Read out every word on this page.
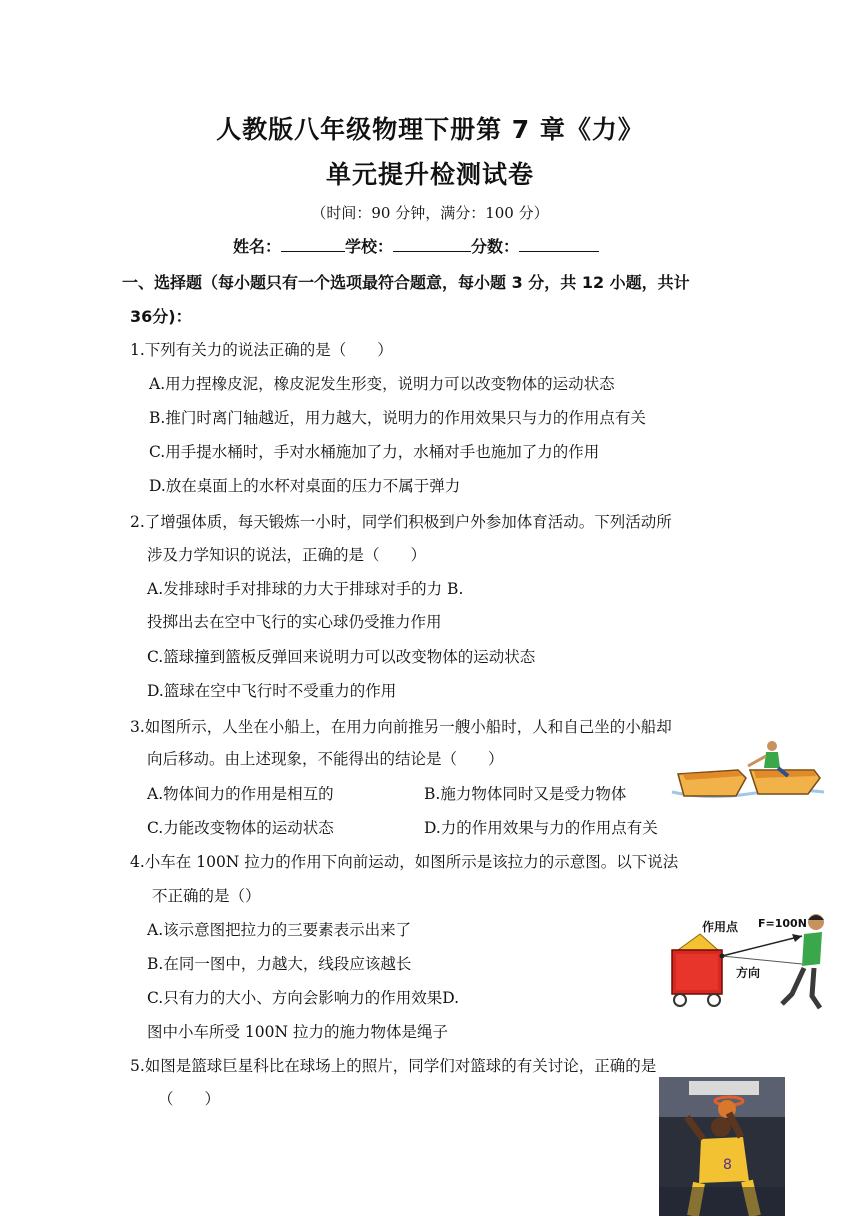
人教版八年级物理下册第 7 章《力》
单元提升检测试卷
（时间：90 分钟，满分：100 分）
姓名：	学校：	分数：
一、选择题（每小题只有一个选项最符合题意，每小题 3 分，共 12 小题，共计
36分)：
1.下列有关力的说法正确的是（　　）
A.用力捏橡皮泥，橡皮泥发生形变，说明力可以改变物体的运动状态
B.推门时离门轴越近，用力越大，说明力的作用效果只与力的作用点有关
C.用手提水桶时，手对水桶施加了力，水桶对手也施加了力的作用
D.放在桌面上的水杯对桌面的压力不属于弹力
2.了增强体质，每天锻炼一小时，同学们积极到户外参加体育活动。下列活动所
涉及力学知识的说法，正确的是（　　）
A.发排球时手对排球的力大于排球对手的力 B.
投掷出去在空中飞行的实心球仍受推力作用
C.篮球撞到篮板反弹回来说明力可以改变物体的运动状态
D.篮球在空中飞行时不受重力的作用
3.如图所示，人坐在小船上，在用力向前推另一艘小船时，人和自己坐的小船却
向后移动。由上述现象，不能得出的结论是（　　）
A.物体间力的作用是相互的	B.施力物体同时又是受力物体
C.力能改变物体的运动状态	D.力的作用效果与力的作用点有关
4.小车在 100N 拉力的作用下向前运动，如图所示是该拉力的示意图。以下说法
不正确的是（）
A.该示意图把拉力的三要素表示出来了
B.在同一图中，力越大，线段应该越长
C.只有力的大小、方向会影响力的作用效果D.
图中小车所受 100N 拉力的施力物体是绳子
作用点 F=100N
方向
5.如图是篮球巨星科比在球场上的照片，同学们对篮球的有关讨论，正确的是
（　　）
8
